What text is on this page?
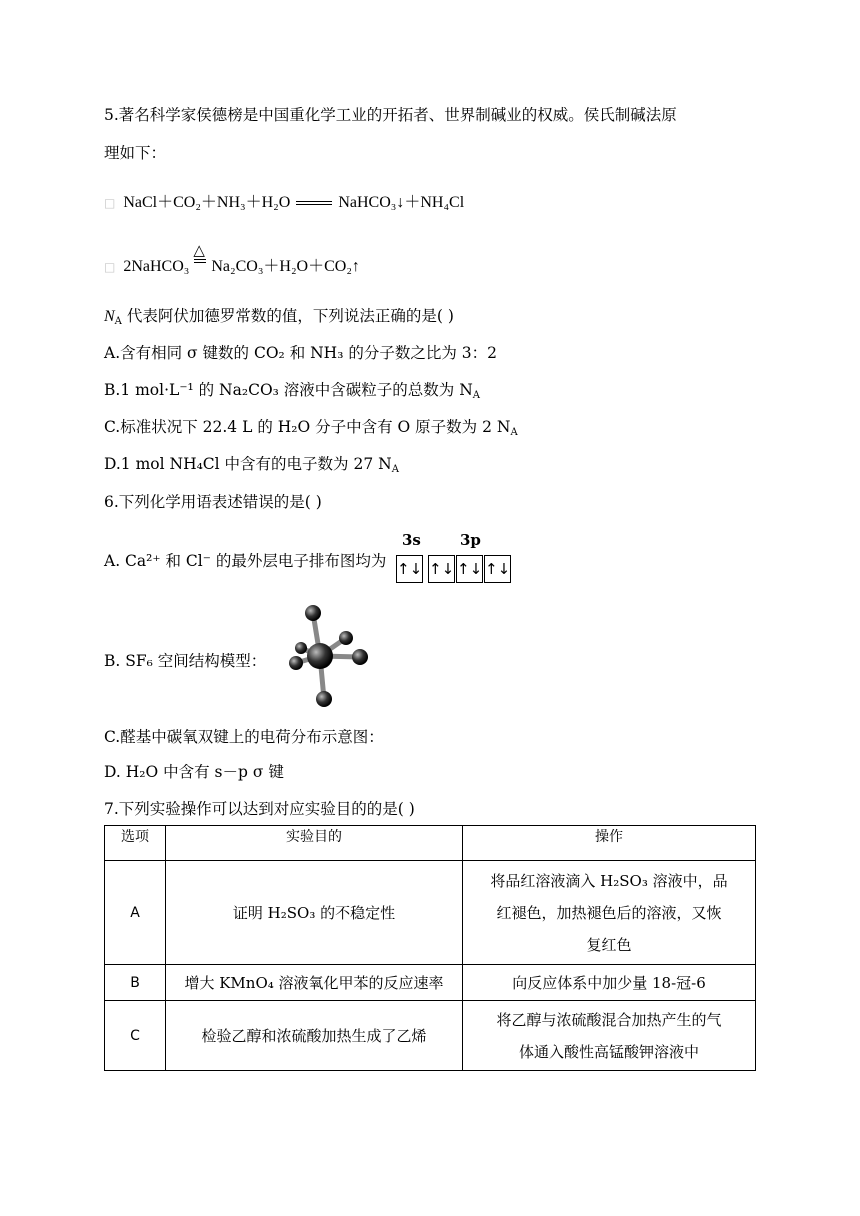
5.著名科学家侯德榜是中国重化学工业的开拓者、世界制碱业的权威。侯氏制碱法原
理如下：
□ NaCl＋CO₂＋NH₃＋H₂O	NaHCO₃↓＋NH₄Cl
□ 2NaHCO₃
△
Na₂CO₃＋H₂O＋CO₂↑
$N_A$ 代表阿伏加德罗常数的值，下列说法正确的是( )
A.含有相同 σ 键数的 CO₂ 和 NH₃ 的分子数之比为 3：2
B.1 mol·L⁻¹ 的 Na₂CO₃ 溶液中含碳粒子的总数为 $N_A$
C.标准状况下 22.4 L 的 H₂O 分子中含有 O 原子数为 2 $N_A$
D.1 mol NH₄Cl 中含有的电子数为 27 $N_A$
6.下列化学用语表述错误的是( )
A. Ca²⁺ 和 Cl⁻ 的最外层电子排布图均为
3s	3p
↑↓ ↑↓ ↑↓ ↑↓
B. SF₆ 空间结构模型：
C.醛基中碳氧双键上的电荷分布示意图：
D. H₂O 中含有 s－p σ 键
7.下列实验操作可以达到对应实验目的的是( )
选项	实验目的	操作
A	证明 H₂SO₃ 的不稳定性	将品红溶液滴入 H₂SO₃ 溶液中，品
红褪色，加热褪色后的溶液，又恢
复红色

B	增大 KMnO₄ 溶液氧化甲苯的反应速率	向反应体系中加少量 18-冠-6
C	检验乙醇和浓硫酸加热生成了乙烯	将乙醇与浓硫酸混合加热产生的气
体通入酸性高锰酸钾溶液中
